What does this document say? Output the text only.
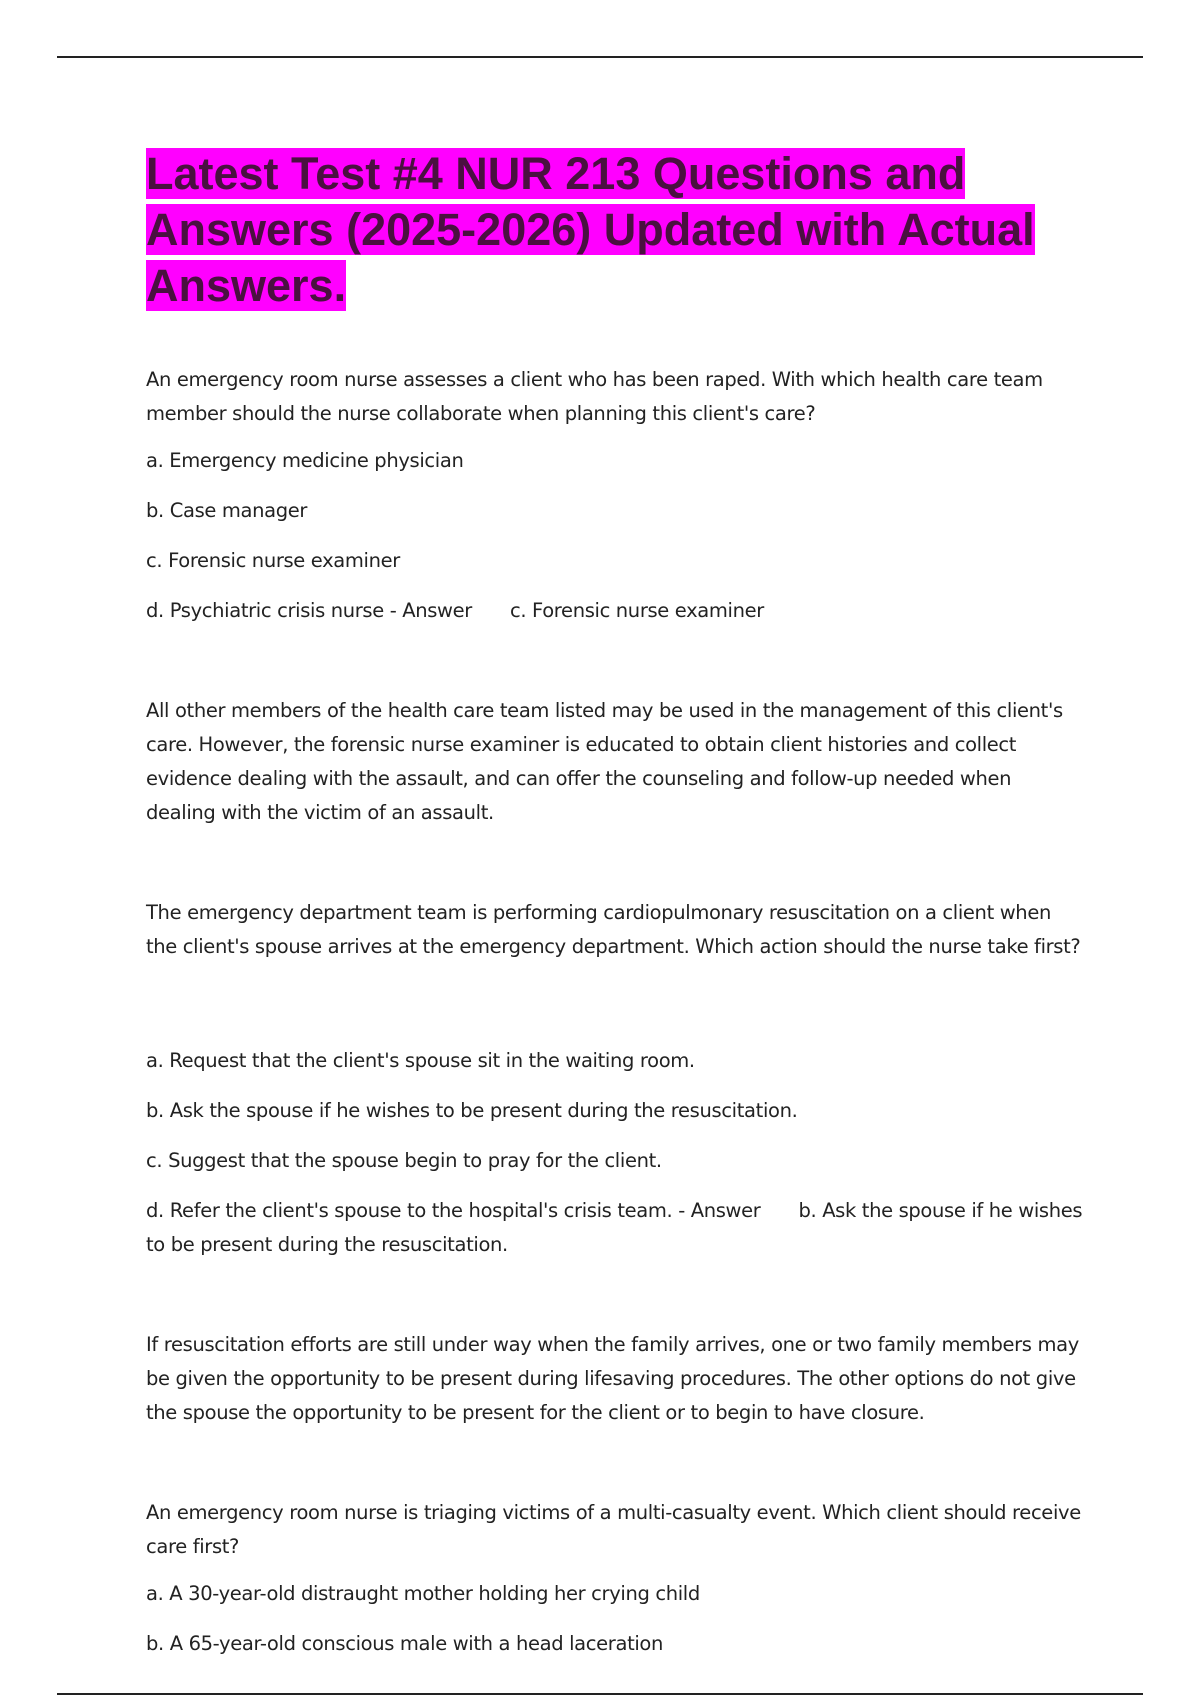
Latest Test #4 NUR 213 Questions and Answers (2025-2026) Updated with Actual Answers.

An emergency room nurse assesses a client who has been raped. With which health care team member should the nurse collaborate when planning this client's care?

a. Emergency medicine physician

b. Case manager

c. Forensic nurse examiner

d. Psychiatric crisis nurse - Answer c. Forensic nurse examiner

All other members of the health care team listed may be used in the management of this client's care. However, the forensic nurse examiner is educated to obtain client histories and collect evidence dealing with the assault, and can offer the counseling and follow-up needed when dealing with the victim of an assault.

The emergency department team is performing cardiopulmonary resuscitation on a client when the client's spouse arrives at the emergency department. Which action should the nurse take first?

a. Request that the client's spouse sit in the waiting room.

b. Ask the spouse if he wishes to be present during the resuscitation.

c. Suggest that the spouse begin to pray for the client.

d. Refer the client's spouse to the hospital's crisis team. - Answer b. Ask the spouse if he wishes to be present during the resuscitation.

If resuscitation efforts are still under way when the family arrives, one or two family members may be given the opportunity to be present during lifesaving procedures. The other options do not give the spouse the opportunity to be present for the client or to begin to have closure.

An emergency room nurse is triaging victims of a multi-casualty event. Which client should receive care first?

a. A 30-year-old distraught mother holding her crying child

b. A 65-year-old conscious male with a head laceration
